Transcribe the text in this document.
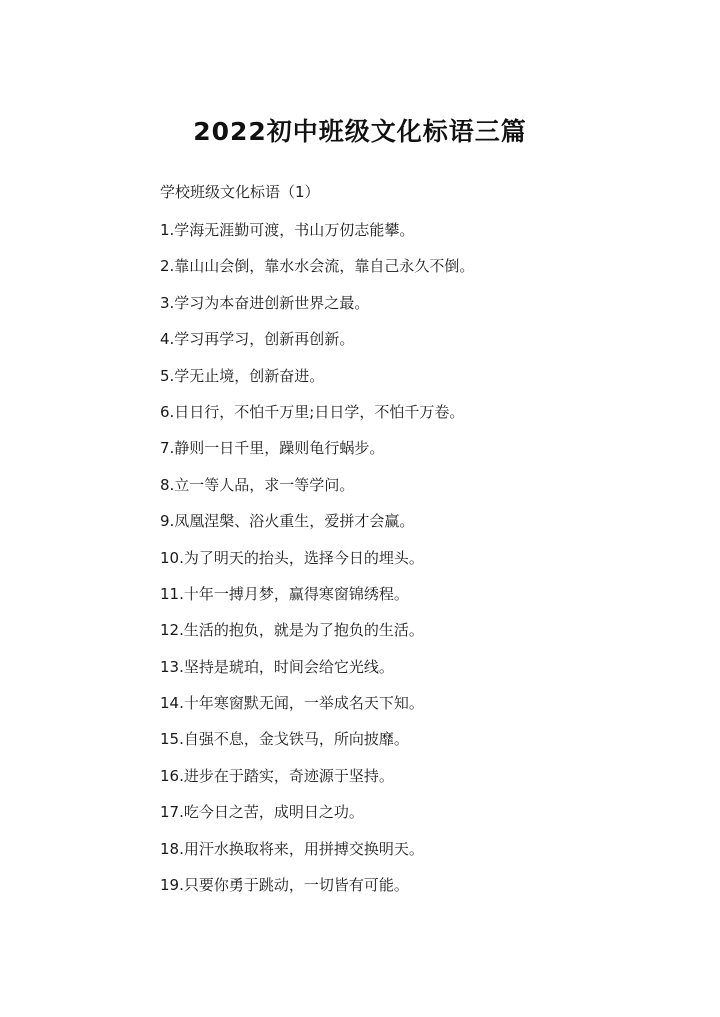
2022初中班级文化标语三篇

学校班级文化标语（1）

1.学海无涯勤可渡，书山万仞志能攀。
2.靠山山会倒，靠水水会流，靠自己永久不倒。
3.学习为本奋进创新世界之最。
4.学习再学习，创新再创新。
5.学无止境，创新奋进。
6.日日行，不怕千万里;日日学，不怕千万卷。
7.静则一日千里，躁则龟行蜗步。
8.立一等人品，求一等学问。
9.凤凰涅槃、浴火重生，爱拼才会赢。
10.为了明天的抬头，选择今日的埋头。
11.十年一搏月梦，赢得寒窗锦绣程。
12.生活的抱负，就是为了抱负的生活。
13.坚持是琥珀，时间会给它光线。
14.十年寒窗默无闻，一举成名天下知。
15.自强不息，金戈铁马，所向披靡。
16.进步在于踏实，奇迹源于坚持。
17.吃今日之苦，成明日之功。
18.用汗水换取将来，用拼搏交换明天。
19.只要你勇于跳动，一切皆有可能。
